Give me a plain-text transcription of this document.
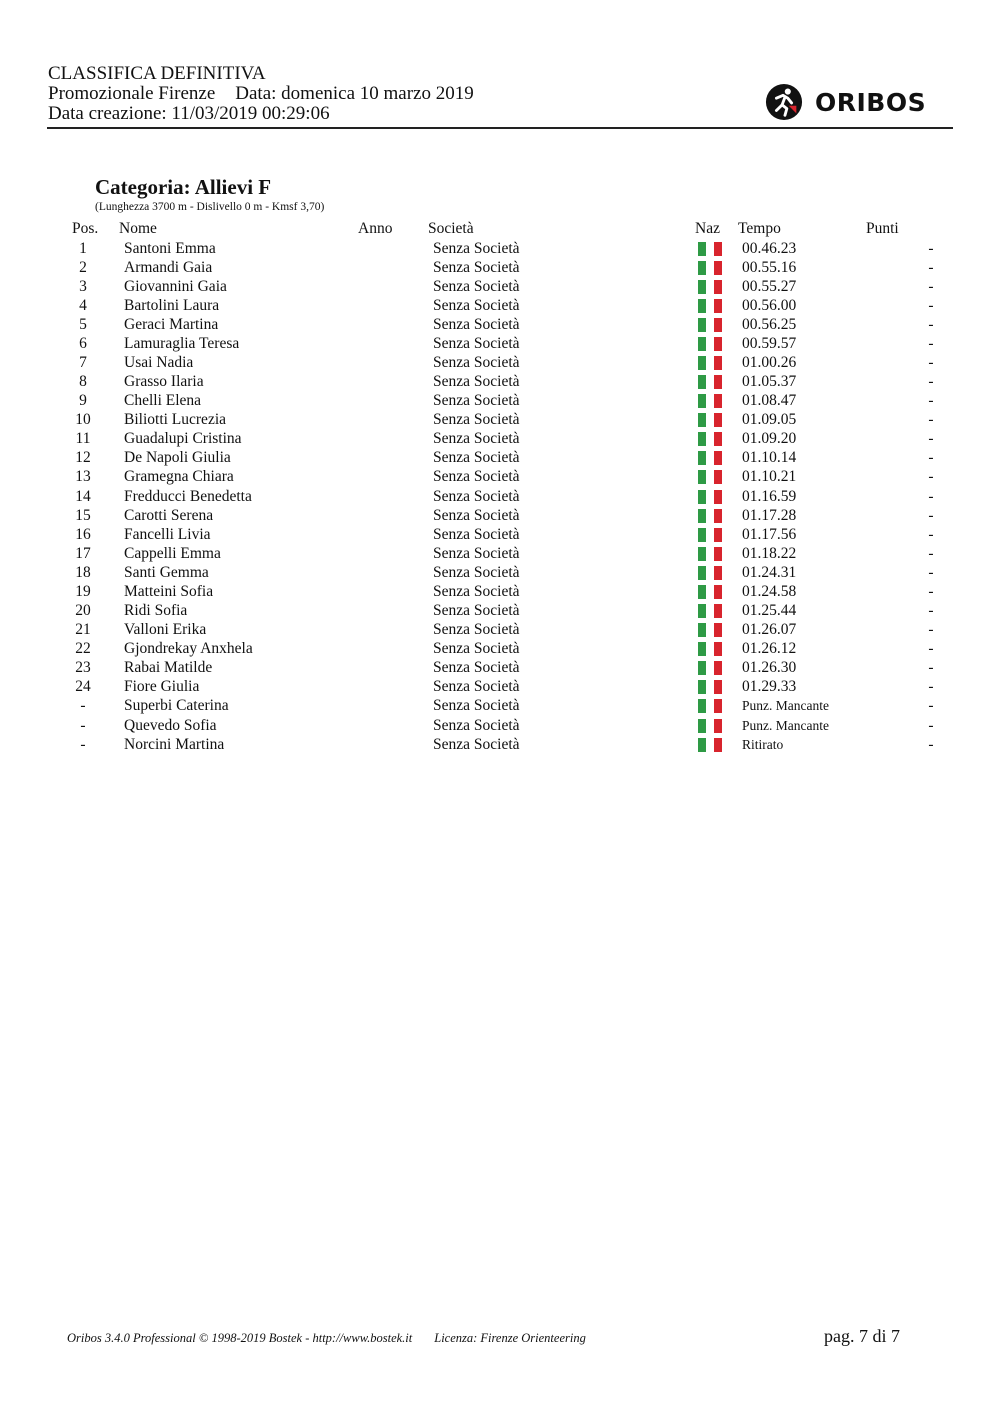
CLASSIFICA DEFINITIVA
Promozionale Firenze Data: domenica 10 marzo 2019
Data creazione: 11/03/2019 00:29:06	ORIBOS
Categoria: Allievi F
(Lunghezza 3700 m - Dislivello 0 m - Kmsf 3,70)
Pos. Nome	Anno Società	Naz Tempo	Punti
1	Santoni Emma	Senza Società	00.46.23	-
2	Armandi Gaia	Senza Società	00.55.16	-
3	Giovannini Gaia	Senza Società	00.55.27	-
4	Bartolini Laura	Senza Società	00.56.00	-
5	Geraci Martina	Senza Società	00.56.25	-
6	Lamuraglia Teresa	Senza Società	00.59.57	-
7	Usai Nadia	Senza Società	01.00.26	-
8	Grasso Ilaria	Senza Società	01.05.37	-
9	Chelli Elena	Senza Società	01.08.47	-
10	Biliotti Lucrezia	Senza Società	01.09.05	-
11	Guadalupi Cristina	Senza Società	01.09.20	-
12	De Napoli Giulia	Senza Società	01.10.14	-
13	Gramegna Chiara	Senza Società	01.10.21	-
14	Fredducci Benedetta	Senza Società	01.16.59	-
15	Carotti Serena	Senza Società	01.17.28	-
16	Fancelli Livia	Senza Società	01.17.56	-
17	Cappelli Emma	Senza Società	01.18.22	-
18	Santi Gemma	Senza Società	01.24.31	-
19	Matteini Sofia	Senza Società	01.24.58	-
20	Ridi Sofia	Senza Società	01.25.44	-
21	Valloni Erika	Senza Società	01.26.07	-
22	Gjondrekay Anxhela	Senza Società	01.26.12	-
23	Rabai Matilde	Senza Società	01.26.30	-
24	Fiore Giulia	Senza Società	01.29.33	-
-	Superbi Caterina	Senza Società	Punz. Mancante	-
-	Quevedo Sofia	Senza Società	Punz. Mancante	-
-	Norcini Martina	Senza Società	Ritirato	-
Oribos 3.4.0 Professional © 1998-2019 Bostek - http://www.bostek.it Licenza: Firenze Orienteering	pag. 7 di 7
